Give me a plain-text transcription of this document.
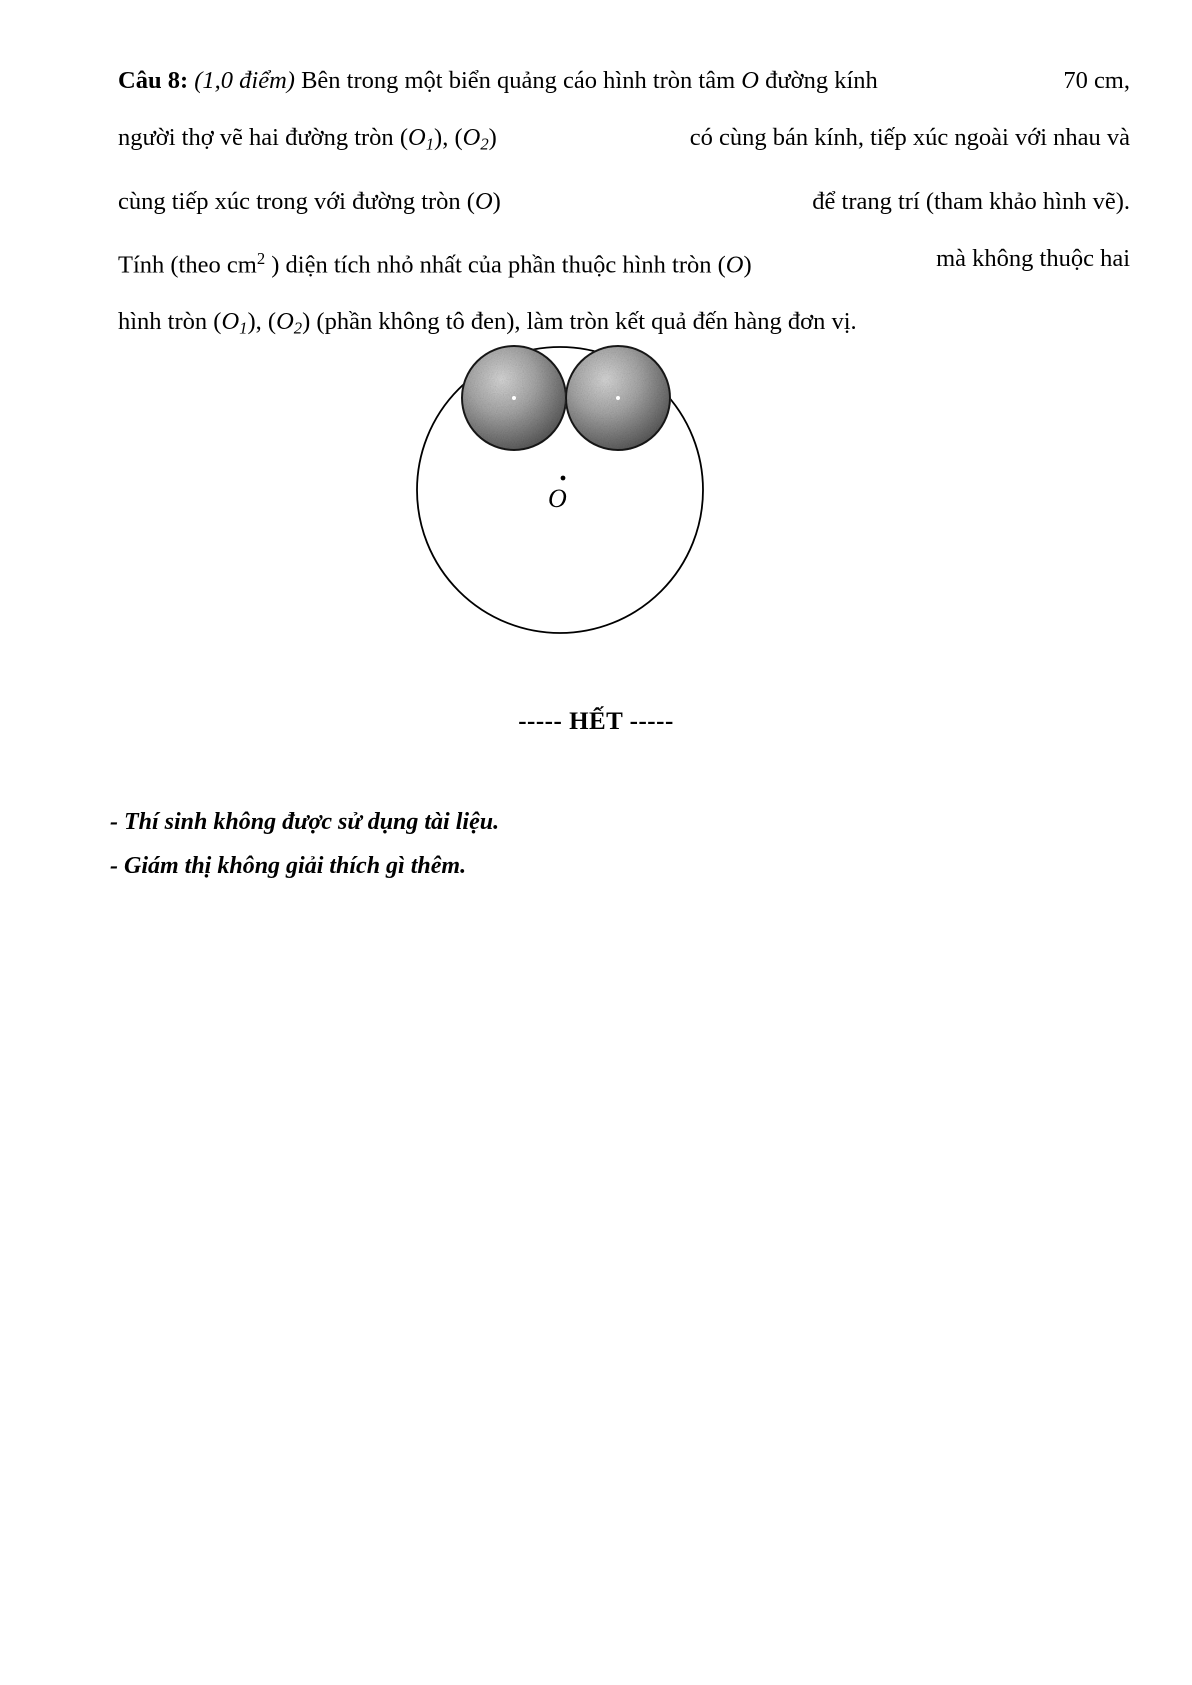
Câu 8: (1,0 điểm) Bên trong một biển quảng cáo hình tròn tâm O đường kính	70 cm,
người thợ vẽ hai đường tròn $(O_1)$, $(O_2)$	có cùng bán kính, tiếp xúc ngoài với nhau và
cùng tiếp xúc trong với đường tròn (O)	để trang trí (tham khảo hình vẽ).
Tính (theo $cm^2$ ) diện tích nhỏ nhất của phần thuộc hình tròn (O)	mà không thuộc hai
hình tròn $(O_1)$, $(O_2)$ (phần không tô đen), làm tròn kết quả đến hàng đơn vị.
O
----- HẾT -----
- Thí sinh không được sử dụng tài liệu.
- Giám thị không giải thích gì thêm.
